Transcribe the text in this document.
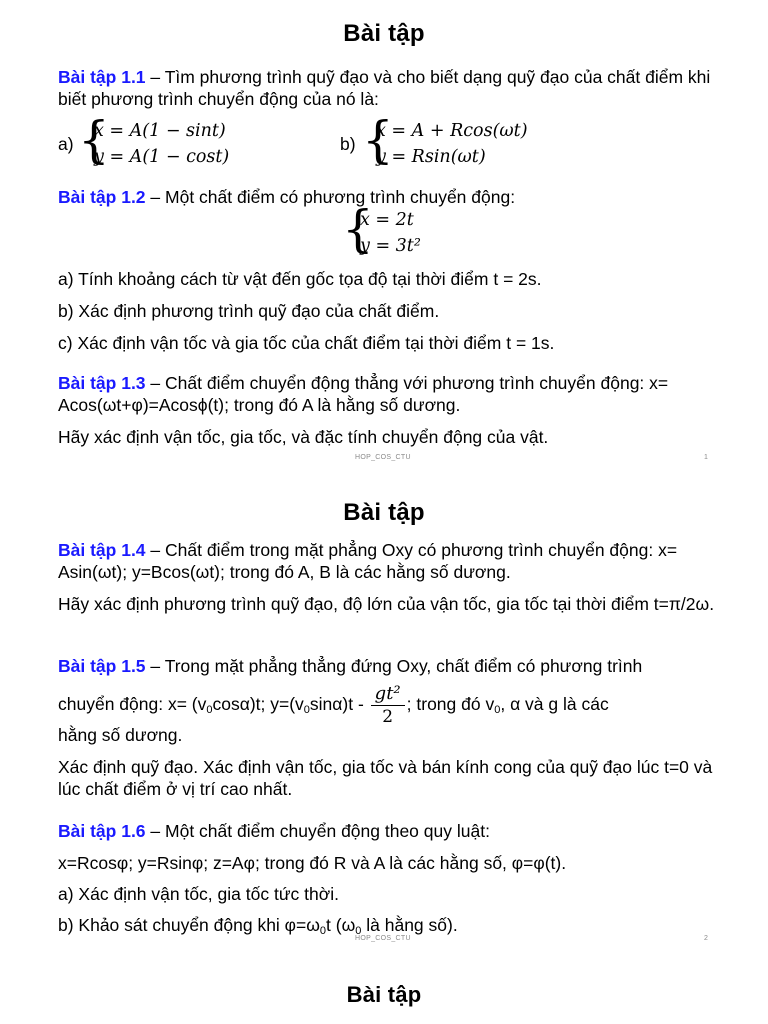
Bài tập
Bài tập 1.1 – Tìm phương trình quỹ đạo và cho biết dạng quỹ đạo của chất điểm khi biết phương trình chuyển động của nó là:
a) {
x = A(1 − sint)
y = A(1 − cost)
b) {
x = A + Rcos(ωt)
y = Rsin(ωt)
Bài tập 1.2 – Một chất điểm có phương trình chuyển động:
{
x = 2t
y = 3t²
a) Tính khoảng cách từ vật đến gốc tọa độ tại thời điểm t = 2s.
b) Xác định phương trình quỹ đạo của chất điểm.
c) Xác định vận tốc và gia tốc của chất điểm tại thời điểm t = 1s.
Bài tập 1.3 – Chất điểm chuyển động thẳng với phương trình chuyển động: x= Acos(ωt+φ)=Acosϕ(t); trong đó A là hằng số dương.
Hãy xác định vận tốc, gia tốc, và đặc tính chuyển động của vật.
HOP_COS_CTU	1
Bài tập
Bài tập 1.4 – Chất điểm trong mặt phẳng Oxy có phương trình chuyển động: x= Asin(ωt); y=Bcos(ωt); trong đó A, B là các hằng số dương.
Hãy xác định phương trình quỹ đạo, độ lớn của vận tốc, gia tốc tại thời điểm t=π/2ω.
Bài tập 1.5 – Trong mặt phẳng thẳng đứng Oxy, chất điểm có phương trình
chuyển động: $x= (v_0\cos\alpha)t$; $y=(v_0\sin\alpha)t - \frac{\text{gt²}}{2}$ ; trong đó $v_0$, α và g là các
hằng số dương.
Xác định quỹ đạo. Xác định vận tốc, gia tốc và bán kính cong của quỹ đạo lúc t=0 và lúc chất điểm ở vị trí cao nhất.
Bài tập 1.6 – Một chất điểm chuyển động theo quy luật:
x=Rcosφ; y=Rsinφ; z=Aφ; trong đó R và A là các hằng số, φ=φ(t).
a) Xác định vận tốc, gia tốc tức thời.
b) Khảo sát chuyển động khi $\varphi=\omega_0t$ ($\omega_0$ là hằng số).
HOP_COS_CTU	2
Bài tập
